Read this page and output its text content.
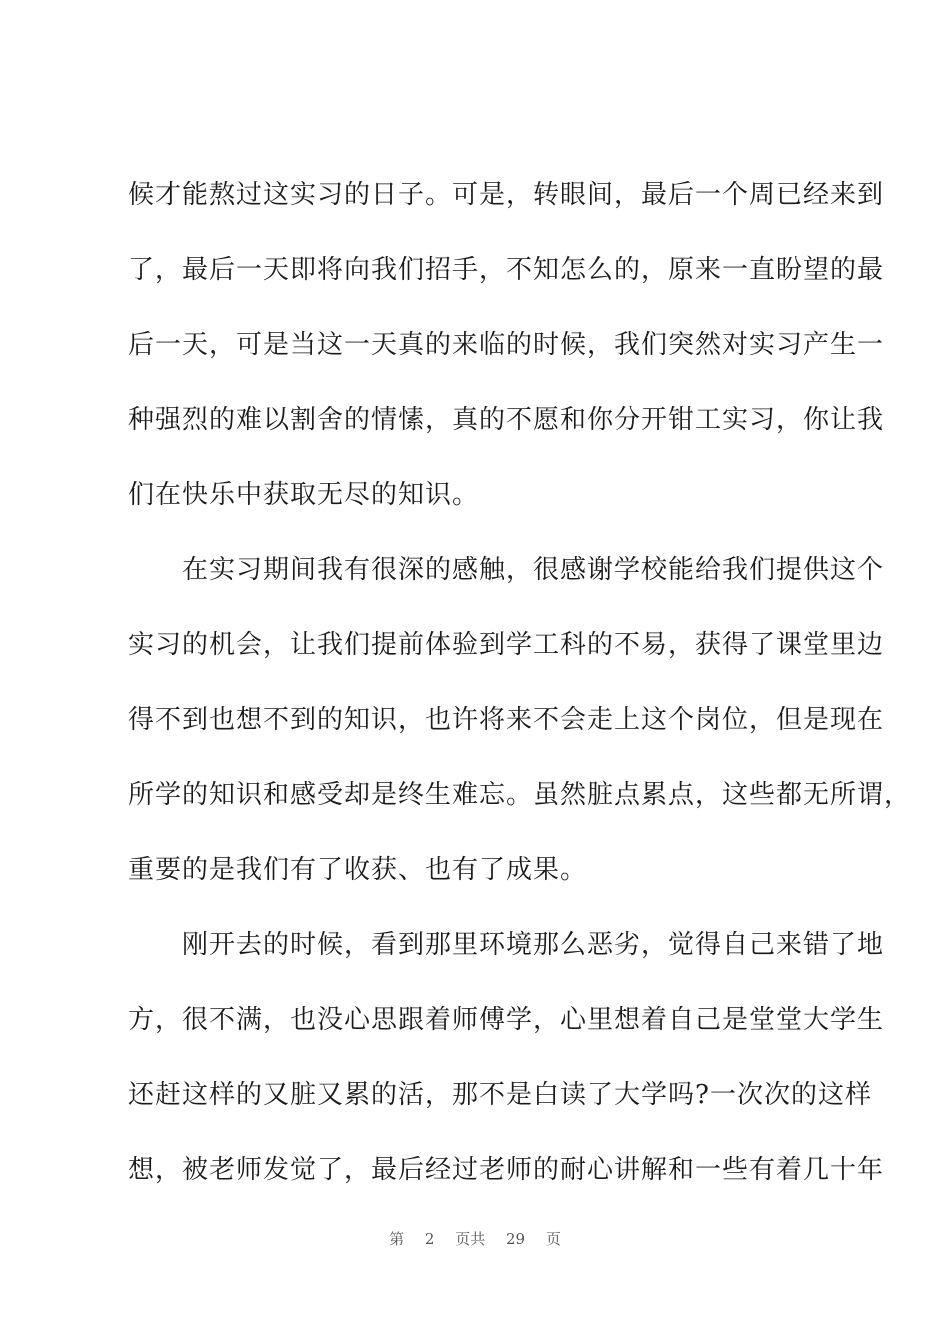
候才能熬过这实习的日子。可是，转眼间，最后一个周已经来到
了，最后一天即将向我们招手，不知怎么的，原来一直盼望的最
后一天，可是当这一天真的来临的时候，我们突然对实习产生一
种强烈的难以割舍的情愫，真的不愿和你分开钳工实习，你让我
们在快乐中获取无尽的知识。
　　在实习期间我有很深的感触，很感谢学校能给我们提供这个
实习的机会，让我们提前体验到学工科的不易，获得了课堂里边
得不到也想不到的知识，也许将来不会走上这个岗位，但是现在
所学的知识和感受却是终生难忘。虽然脏点累点，这些都无所谓，
重要的是我们有了收获、也有了成果。
　　刚开去的时候，看到那里环境那么恶劣，觉得自己来错了地
方，很不满，也没心思跟着师傅学，心里想着自己是堂堂大学生
还赶这样的又脏又累的活，那不是白读了大学吗?一次次的这样
想，被老师发觉了，最后经过老师的耐心讲解和一些有着几十年
第 2 页共 29 页
